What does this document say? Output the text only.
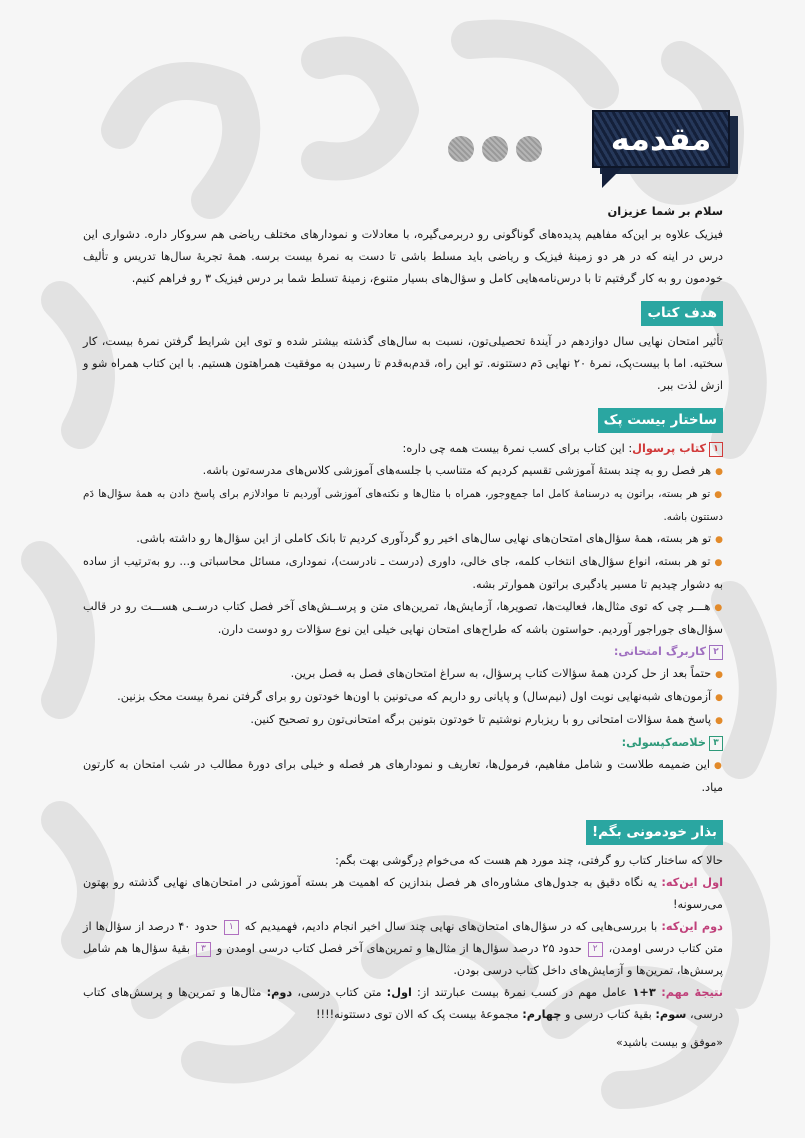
مقدمه

سلام بر شما عزیزان

فیزیک علاوه بر این‌که مفاهیم پدیده‌های گوناگونی رو دربرمی‌گیره، با معادلات و نمودارهای مختلف ریاضی هم سروکار داره. دشواری این درس در اینه که در هر دو زمینهٔ فیزیک و ریاضی باید مسلط باشی تا دست به نمرهٔ بیست برسه. همهٔ تجربهٔ سال‌ها تدریس و تألیف خودمون رو به کار گرفتیم تا با درس‌نامه‌هایی کامل و سؤال‌های بسیار متنوع، زمینهٔ تسلط شما بر درس فیزیک ۳ رو فراهم کنیم.

هدف کتاب

تأثیر امتحان نهایی سال دوازدهم در آیندهٔ تحصیلی‌تون، نسبت به سال‌های گذشته بیشتر شده و توی این شرایط گرفتن نمرهٔ بیست، کار سختیه. اما با بیست‌پک، نمرهٔ ۲۰ نهایی دَم دستتونه. تو این راه، قدم‌به‌قدم تا رسیدن به موفقیت همراهتون هستیم. با این کتاب همراه شو و ازش لذت ببر.

ساختار بیست پک

۱کتاب پرسوال: این کتاب برای کسب نمرهٔ بیست همه چی داره:

● هر فصل رو به چند بستهٔ آموزشی تقسیم کردیم که متناسب با جلسه‌های آموزشی کلاس‌های مدرسه‌تون باشه.

● تو هر بسته، براتون یه درسنامهٔ کامل اما جمع‌وجور، همراه با مثال‌ها و نکته‌های آموزشی آوردیم تا موادلازم برای پاسخ دادن به همهٔ سؤال‌ها دَم دستتون باشه.

● تو هر بسته، همهٔ سؤال‌های امتحان‌های نهایی سال‌های اخیر رو گردآوری کردیم تا بانک کاملی از این سؤال‌ها رو داشته باشی.

● تو هر بسته، انواع سؤال‌های انتخاب کلمه، جای خالی، داوری (درست ـ نادرست)، نموداری، مسائل محاسباتی و... رو به‌ترتیب از ساده به دشوار چیدیم تا مسیر یادگیری براتون هموارتر بشه.

● هـــر چی که توی مثال‌ها، فعالیت‌ها، تصویرها، آزمایش‌ها، تمرین‌های متن و پرســش‌های آخر فصل کتاب درســی هســـت رو در قالب سؤال‌های جوراجور آوردیم. حواستون باشه که طراح‌های امتحان نهایی خیلی این نوع سؤالات رو دوست دارن.

۲کاربرگ امتحانی:

● حتماً بعد از حل کردن همهٔ سؤالات کتاب پرسؤال، به سراغ امتحان‌های فصل به فصل برین.

● آزمون‌های شبه‌نهایی نوبت اول (نیم‌سال) و پایانی رو داریم که می‌تونین با اون‌ها خودتون رو برای گرفتن نمرهٔ بیست محک بزنین.

● پاسخ همهٔ سؤالات امتحانی رو با ریزبارم نوشتیم تا خودتون بتونین برگه امتحانی‌تون رو تصحیح کنین.

۳خلاصه‌کپسولی:

● این ضمیمه طلاست و شامل مفاهیم، فرمول‌ها، تعاریف و نمودارهای هر فصله و خیلی برای دورهٔ مطالب در شب امتحان به کارتون میاد.

بذار خودمونی بگم!

حالا که ساختار کتاب رو گرفتی، چند مورد هم هست که می‌خوام دِرگوشی بهت بگم:

اول این‌که: یه نگاه دقیق به جدول‌های مشاوره‌ای هر فصل بندازین که اهمیت هر بسته آموزشی در امتحان‌های نهایی گذشته رو بهتون می‌رسونه!

دوم این‌که: با بررسی‌هایی که در سؤال‌های امتحان‌های نهایی چند سال اخیر انجام دادیم، فهمیدیم که ۱ حدود ۴۰ درصد از سؤال‌ها از متن کتاب درسی اومدن، ۲ حدود ۲۵ درصد سؤال‌ها از مثال‌ها و تمرین‌های آخر فصل کتاب درسی اومدن و ۳ بقیهٔ سؤال‌ها هم شامل پرسش‌ها، تمرین‌ها و آزمایش‌های داخل کتاب درسی بودن.

نتیجهٔ مهم: ۳+۱ عامل مهم در کسب نمرهٔ بیست عبارتند از: اول: متن کتاب درسی، دوم: مثال‌ها و تمرین‌ها و پرسش‌های کتاب درسی، سوم: بقیهٔ کتاب درسی و چهارم: مجموعهٔ بیست پک که الان توی دستتونه!!!!

«موفق و بیست باشید»
